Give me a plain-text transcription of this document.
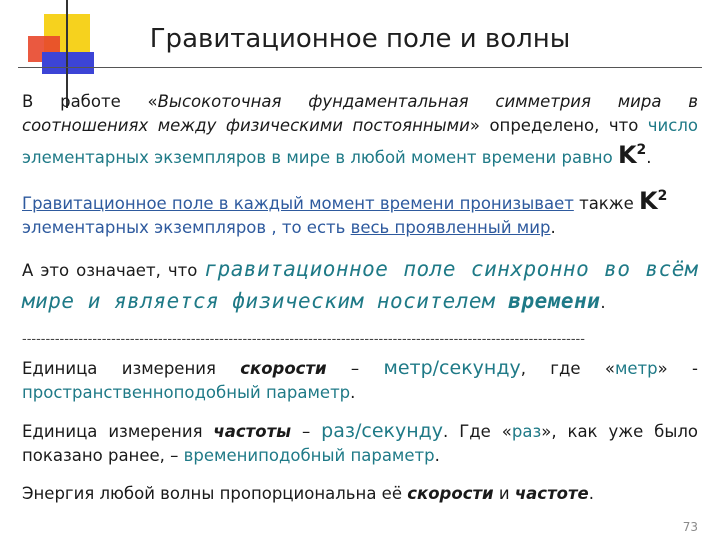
Гравитационное поле и волны

В работе «Высокоточная фундаментальная симметрия мира в соотношениях между физическими постоянными» определено, что число элементарных экземпляров в мире в любой момент времени равно $K^2$.

Гравитационное поле в каждый момент времени пронизывает также $K^2$
элементарных экземпляров , то есть весь проявленный мир.

А это означает, что гравитационное поле синхронно во всём мире и является физическим носителем времени.

------------------------------------------------------------------------------------------------------------------------

Единица измерения скорости – метр/секунду, где «метр» - пространственноподобный параметр.

Единица измерения частоты – раз/секунду. Где «раз», как уже было показано ранее, – времениподобный параметр.

Энергия любой волны пропорциональна её скорости и частоте.

73
